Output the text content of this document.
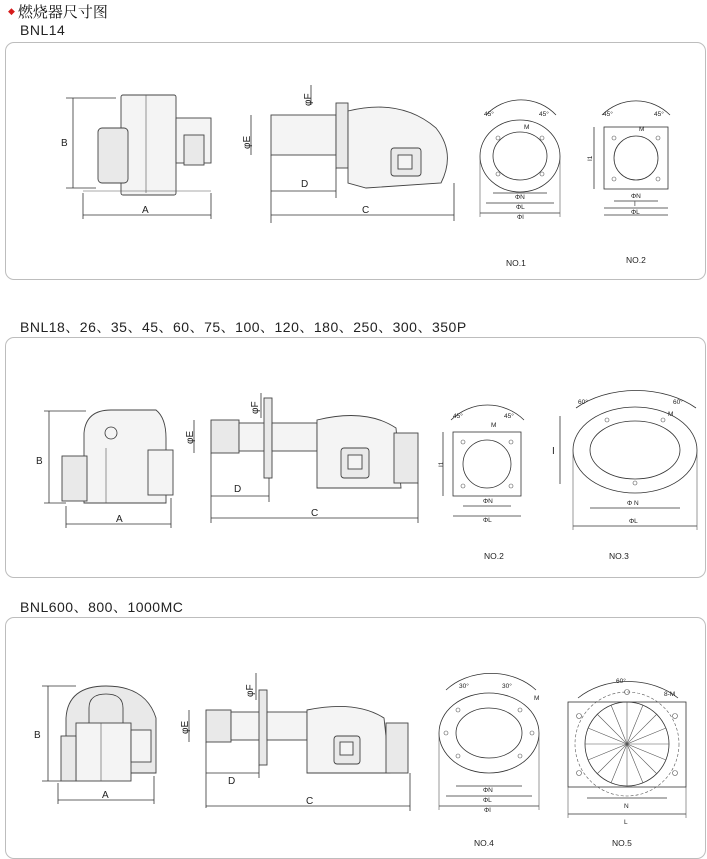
◆ 燃烧器尺寸图
BNL14
B
A
φE
φF
D
C
45°	45°
M
ΦN
ΦL
ΦI
NO.1
45°	45°
M
ΦN
ΦL
I
I1
NO.2
BNL18、26、35、45、60、75、100、120、180、250、300、350P
B
A
φE
φF
D
C
45°	45°
M
ΦN
ΦL
I1
NO.2
60°	60°
M
Φ N
ΦL
I
NO.3
BNL600、800、1000MC
B
A
φE
φF
D
C
30°	30°
M
ΦN
ΦL
ΦI
NO.4
60°
8-M
N
L
NO.5
